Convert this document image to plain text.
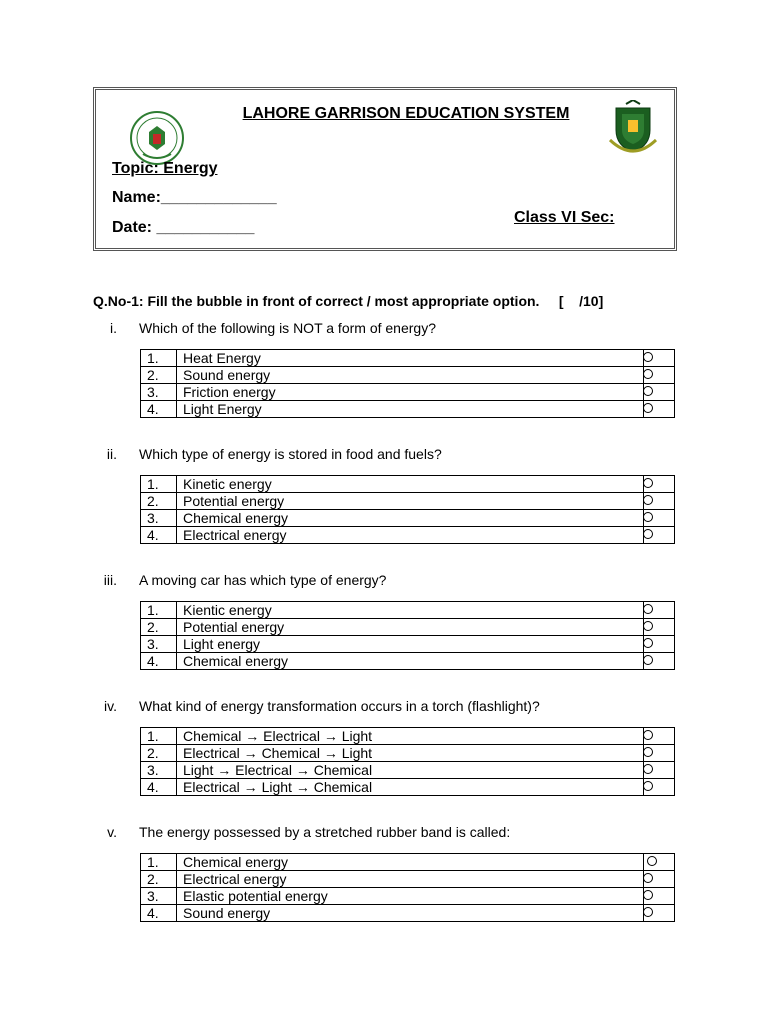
LAHORE GARRISON EDUCATION SYSTEM
Topic: Energy
Name:_____________
Date: ___________
Class VI Sec:
Q.No-1: Fill the bubble in front of correct / most appropriate option.     [    /10]
i. Which of the following is NOT a form of energy?
1.	Heat Energy	

2.	Sound energy	

3.	Friction energy	

4.	Light Energy	
ii. Which type of energy is stored in food and fuels?
1.	Kinetic energy	

2.	Potential energy	

3.	Chemical energy	

4.	Electrical energy	
iii. A moving car has which type of energy?
1.	Kientic energy	

2.	Potential energy	

3.	Light energy	

4.	Chemical energy	
iv. What kind of energy transformation occurs in a torch (flashlight)?
1.	Chemical → Electrical → Light	

2.	Electrical → Chemical → Light	

3.	Light → Electrical → Chemical	

4.	Electrical → Light → Chemical	
v. The energy possessed by a stretched rubber band is called:
1.	Chemical energy	

2.	Electrical energy	

3.	Elastic potential energy	

4.	Sound energy	
